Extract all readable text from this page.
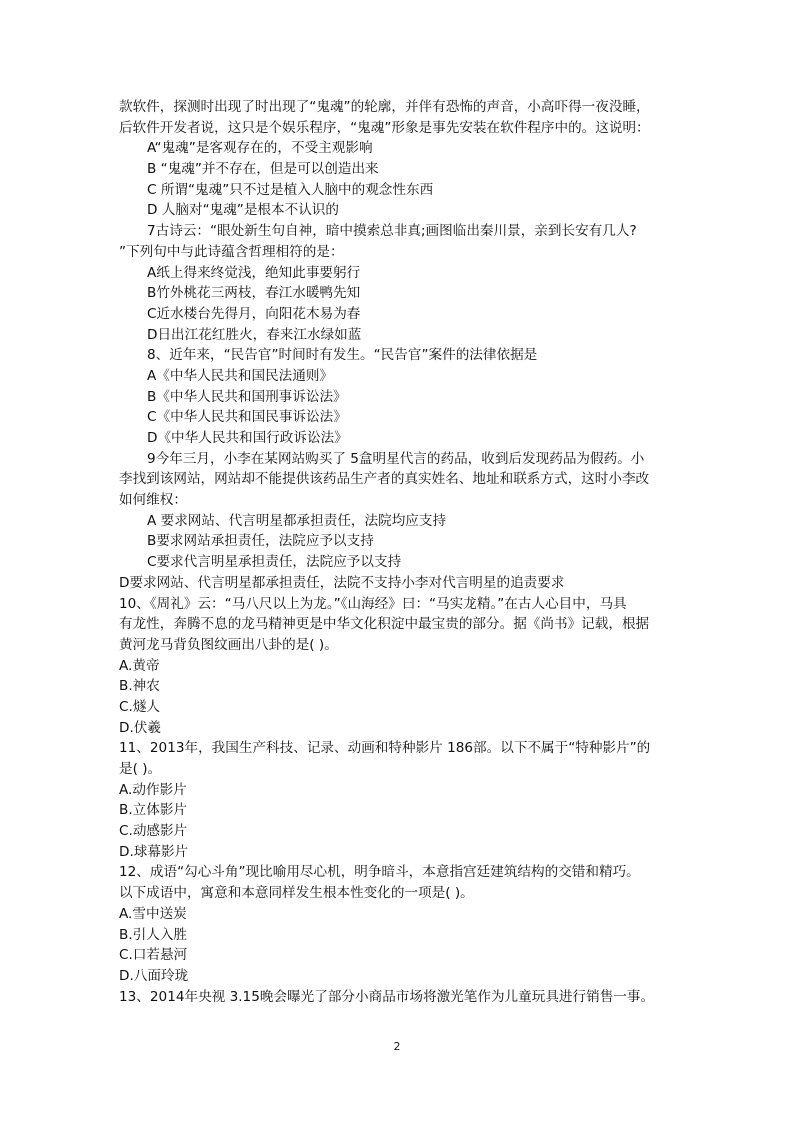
款软件，探测时出现了时出现了“鬼魂”的轮廓，并伴有恐怖的声音，小高吓得一夜没睡，
后软件开发者说，这只是个娱乐程序，“鬼魂”形象是事先安装在软件程序中的。这说明：
A“鬼魂”是客观存在的，不受主观影响
B “鬼魂”并不存在，但是可以创造出来
C 所谓“鬼魂”只不过是植入人脑中的观念性东西
D 人脑对“鬼魂”是根本不认识的
7古诗云：“眼处新生句自神，暗中摸索总非真;画图临出秦川景，亲到长安有几人?
”下列句中与此诗蕴含哲理相符的是：
A纸上得来终觉浅，绝知此事要躬行
B竹外桃花三两枝，春江水暖鸭先知
C近水楼台先得月，向阳花木易为春
D日出江花红胜火，春来江水绿如蓝
8、近年来，“民告官”时间时有发生。“民告官”案件的法律依据是
A《中华人民共和国民法通则》
B《中华人民共和国刑事诉讼法》
C《中华人民共和国民事诉讼法》
D《中华人民共和国行政诉讼法》
9今年三月，小李在某网站购买了 5盒明星代言的药品，收到后发现药品为假药。小
李找到该网站，网站却不能提供该药品生产者的真实姓名、地址和联系方式，这时小李改
如何维权：
A 要求网站、代言明星都承担责任，法院均应支持
B要求网站承担责任，法院应予以支持
C要求代言明星承担责任，法院应予以支持
D要求网站、代言明星都承担责任，法院不支持小李对代言明星的追责要求
10、《周礼》云：“马八尺以上为龙。”《山海经》曰：“马实龙精。”在古人心目中，马具
有龙性，奔腾不息的龙马精神更是中华文化积淀中最宝贵的部分。据《尚书》记载，根据
黄河龙马背负图纹画出八卦的是( )。
A.黄帝
B.神农
C.燧人
D.伏羲
11、2013年，我国生产科技、记录、动画和特种影片 186部。以下不属于“特种影片”的
是( )。
A.动作影片
B.立体影片
C.动感影片
D.球幕影片
12、成语“勾心斗角”现比喻用尽心机，明争暗斗，本意指宫廷建筑结构的交错和精巧。
以下成语中，寓意和本意同样发生根本性变化的一项是( )。
A.雪中送炭
B.引人入胜
C.口若悬河
D.八面玲珑
13、2014年央视 3.15晚会曝光了部分小商品市场将激光笔作为儿童玩具进行销售一事。
2
